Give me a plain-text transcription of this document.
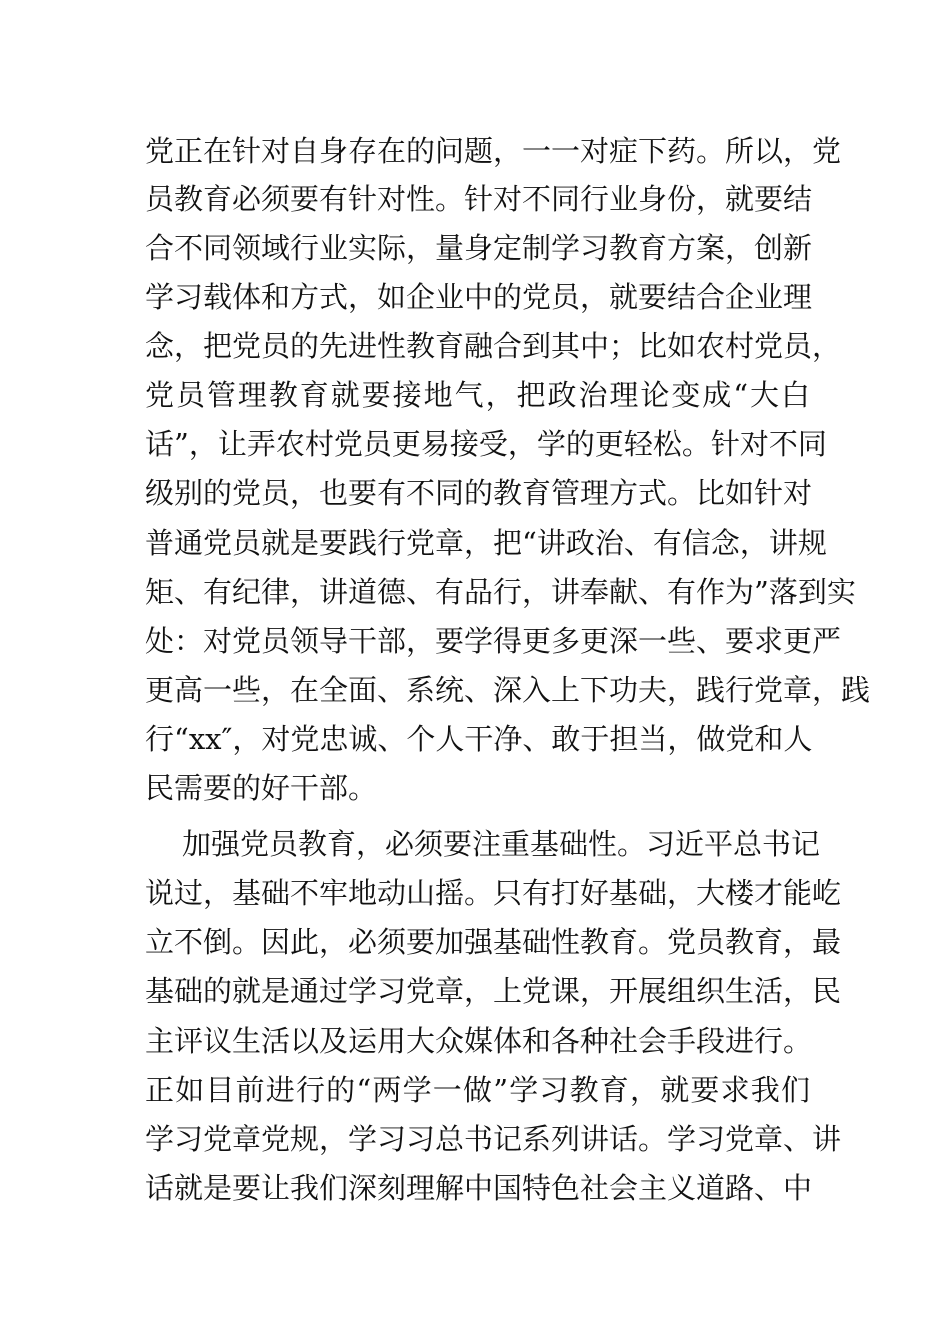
党正在针对自身存在的问题，一一对症下药。所以，党
员教育必须要有针对性。针对不同行业身份，就要结
合不同领域行业实际，量身定制学习教育方案，创新
学习载体和方式，如企业中的党员，就要结合企业理
念，把党员的先进性教育融合到其中；比如农村党员，
党员管理教育就要接地气，把政治理论变成“大白
话”，让弄农村党员更易接受，学的更轻松。针对不同
级别的党员，也要有不同的教育管理方式。比如针对
普通党员就是要践行党章，把“讲政治、有信念，讲规
矩、有纪律，讲道德、有品行，讲奉献、有作为”落到实
处：对党员领导干部，要学得更多更深一些、要求更严
更高一些，在全面、系统、深入上下功夫，践行党章，践
行“xx″，对党忠诚、个人干净、敢于担当，做党和人
民需要的好干部。
加强党员教育，必须要注重基础性。习近平总书记
说过，基础不牢地动山摇。只有打好基础，大楼才能屹
立不倒。因此，必须要加强基础性教育。党员教育，最
基础的就是通过学习党章，上党课，开展组织生活，民
主评议生活以及运用大众媒体和各种社会手段进行。
正如目前进行的“两学一做”学习教育，就要求我们
学习党章党规，学习习总书记系列讲话。学习党章、讲
话就是要让我们深刻理解中国特色社会主义道路、中
